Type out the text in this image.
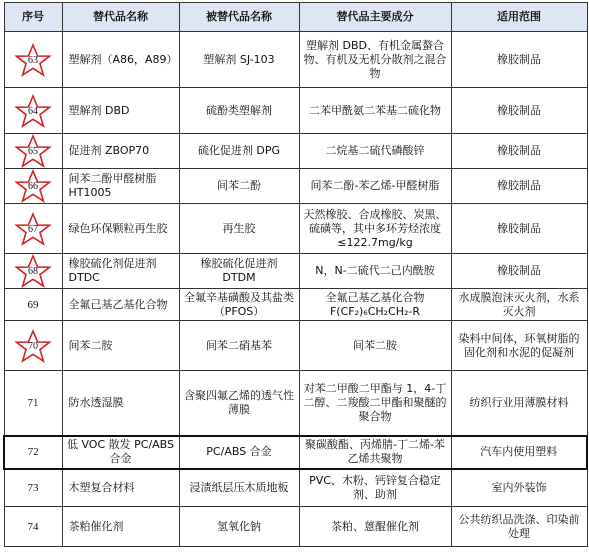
序号	替代品名称	被替代品名称	替代品主要成分	适用范围

63	塑解剂（A86，A89）	塑解剂 SJ-103	塑解剂 DBD、有机金属螯合物、有机及无机分散剂之混合物	橡胶制品

64	塑解剂 DBD	硫酚类塑解剂	二苯甲酰氨二苯基二硫化物	橡胶制品

65	促进剂 ZBOP70	硫化促进剂 DPG	二烷基二硫代磷酸锌	橡胶制品

66	间苯二酚甲醛树脂 HT1005	间苯二酚	间苯二酚-苯乙烯-甲醛树脂	橡胶制品

67	绿色环保颗粒再生胶	再生胶	天然橡胶、合成橡胶、炭黑、硫磺等，其中多环芳烃浓度≤122.7mg/kg	橡胶制品

68	橡胶硫化剂促进剂 DTDC	橡胶硫化促进剂 DTDM	N，N-二硫代二己内酰胺	橡胶制品
69	全氟己基乙基化合物	全氟辛基磺酸及其盐类（PFOS）	全氟己基乙基化合物 F(CF₂)₆CH₂CH₂-R	水成膜泡沫灭火剂，水系灭火剂

70	间苯二胺	间苯二硝基苯	间苯二胺	染料中间体，环氧树脂的固化剂和水泥的促凝剂
71	防水透湿膜	含聚四氟乙烯的透气性薄膜	对苯二甲酸二甲酯与 1，4-丁二醇、二羧酸二甲酯和聚醚的聚合物	纺织行业用薄膜材料
72	低 VOC 散发 PC/ABS 合金	PC/ABS 合金	聚碳酸酯、丙烯腈-丁二烯-苯乙烯共聚物	汽车内使用塑料
73	木塑复合材料	浸渍纸层压木质地板	PVC、木粉、钙锌复合稳定剂、助剂	室内外装饰
74	茶粕催化剂	氢氧化钠	茶粕、蒽醌催化剂	公共纺织品洗涤、印染前处理
